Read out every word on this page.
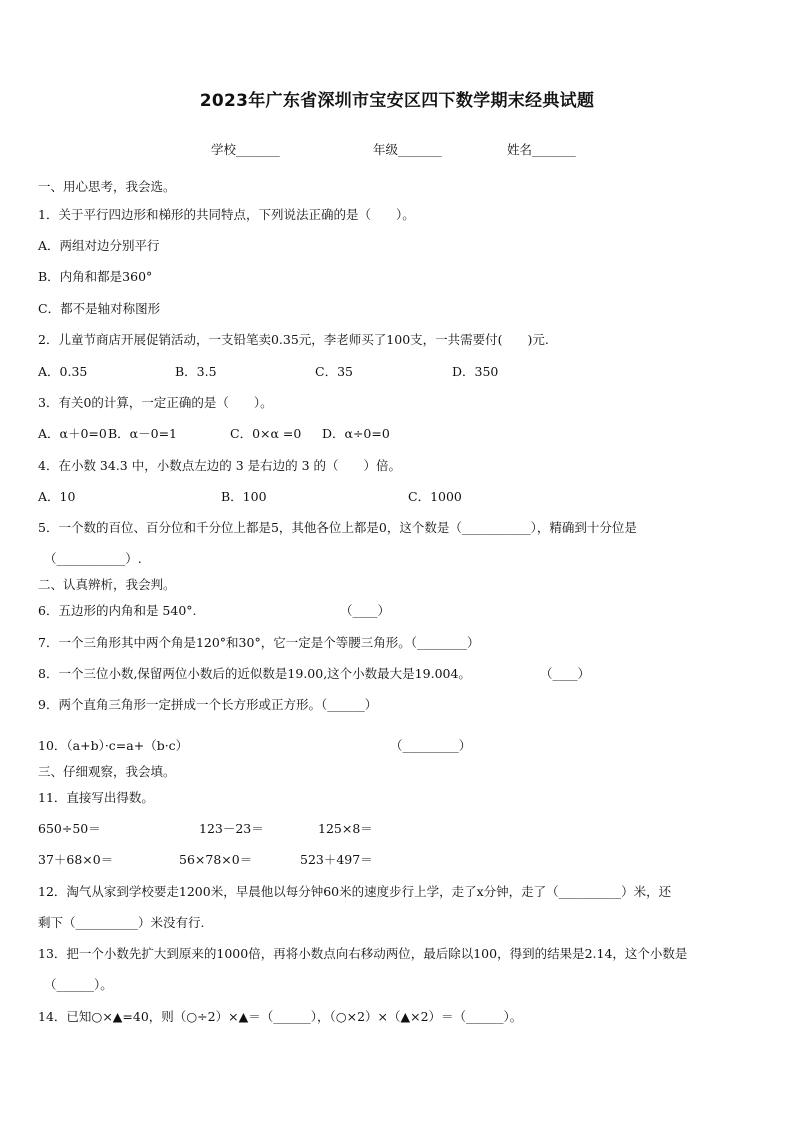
2023年广东省深圳市宝安区四下数学期末经典试题
学校_______	年级_______	姓名_______
一、用心思考，我会选。
1．关于平行四边形和梯形的共同特点，下列说法正确的是（　　）。
A．两组对边分别平行
B．内角和都是360°
C．都不是轴对称图形
2．儿童节商店开展促销活动，一支铅笔卖0.35元，李老师买了100支，一共需要付(　　)元.
A．0.35	B．3.5	C．35	D．350
3．有关0的计算，一定正确的是（　　）。
A．α＋0=0 B．α－0=1	C．0×α =0 D．α÷0=0
4．在小数 34.3 中，小数点左边的 3 是右边的 3 的（　　）倍。
A．10	B．100	C．1000
5．一个数的百位、百分位和千分位上都是5，其他各位上都是0，这个数是（___________），精确到十分位是
（___________）.
二、认真辨析，我会判。
6．五边形的内角和是 540°.	（____）
7．一个三角形其中两个角是120°和30°，它一定是个等腰三角形。（________）
8．一个三位小数,保留两位小数后的近似数是19.00,这个小数最大是19.004。	（____）
9．两个直角三角形一定拼成一个长方形或正方形。（______）
10．（a+b）·c=a+（b·c）	（_________）
三、仔细观察，我会填。
11．直接写出得数。
650÷50＝	123－23＝	125×8＝
37＋68×0＝	56×78×0＝	523＋497＝
12．淘气从家到学校要走1200米，早晨他以每分钟60米的速度步行上学，走了x分钟，走了（__________）米，还
剩下（__________）米没有行.
13．把一个小数先扩大到原来的1000倍，再将小数点向右移动两位，最后除以100，得到的结果是2.14，这个小数是
（______）。
14．已知○×▲=40，则（○÷2）×▲＝（______），（○×2）×（▲×2）＝（______）。
